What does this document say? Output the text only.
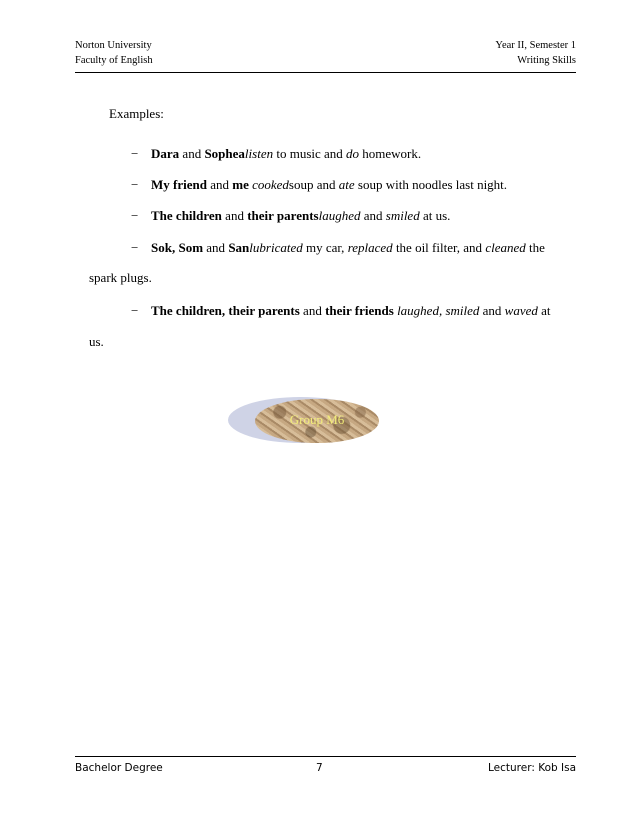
Norton University
Faculty of English
Year II, Semester 1
Writing Skills
Examples:
− Dara and Sophealisten to music and do homework.
− My friend and me cookedsoup and ate soup with noodles last night.
− The children and their parentslaughed and smiled at us.
− Sok, Som and Sanlubricated my car, replaced the oil filter, and cleaned the
spark plugs.
− The children, their parents and their friends laughed, smiled and waved at
us.
Group M6
Bachelor Degree	7	Lecturer: Kob Isa
